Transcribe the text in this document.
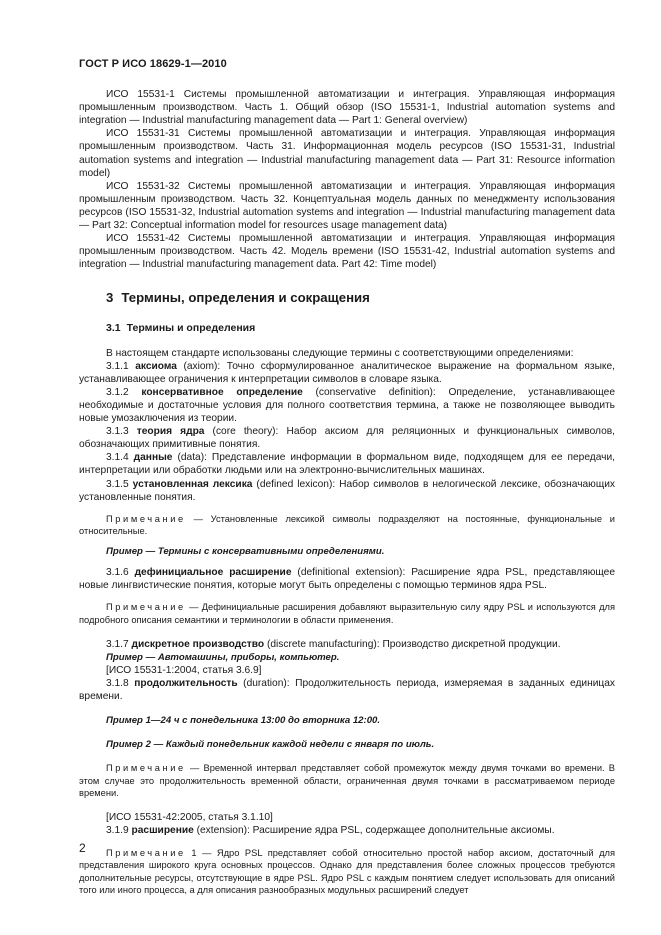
ГОСТ Р ИСО 18629-1—2010

ИСО 15531-1 Системы промышленной автоматизации и интеграция. Управляющая информация промышленным производством. Часть 1. Общий обзор (ISO 15531-1, Industrial automation systems and integration — Industrial manufacturing management data — Part 1: General overview)

ИСО 15531-31 Системы промышленной автоматизации и интеграция. Управляющая информация промышленным производством. Часть 31. Информационная модель ресурсов (ISO 15531-31, Industrial automation systems and integration — Industrial manufacturing management data — Part 31: Resource information model)

ИСО 15531-32 Системы промышленной автоматизации и интеграция. Управляющая информация промышленным производством. Часть 32. Концептуальная модель данных по менеджменту использования ресурсов (ISO 15531-32, Industrial automation systems and integration — Industrial manufacturing management data — Part 32: Conceptual information model for resources usage management data)

ИСО 15531-42 Системы промышленной автоматизации и интеграция. Управляющая информация промышленным производством. Часть 42. Модель времени (ISO 15531-42, Industrial automation systems and integration — Industrial manufacturing management data. Part 42: Time model)

3 Термины, определения и сокращения
3.1 Термины и определения

В настоящем стандарте использованы следующие термины с соответствующими определениями:

3.1.1 аксиома (axiom): Точно сформулированное аналитическое выражение на формальном языке, устанавливающее ограничения к интерпретации символов в словаре языка.

3.1.2 консервативное определение (conservative definition): Определение, устанавливающее необходимые и достаточные условия для полного соответствия термина, а также не позволяющее выводить новые умозаключения из теории.

3.1.3 теория ядра (core theory): Набор аксиом для реляционных и функциональных символов, обозначающих примитивные понятия.

3.1.4 данные (data): Представление информации в формальном виде, подходящем для ее передачи, интерпретации или обработки людьми или на электронно-вычислительных машинах.

3.1.5 установленная лексика (defined lexicon): Набор символов в нелогической лексике, обозначающих установленные понятия.

Примечание — Установленные лексикой символы подразделяют на постоянные, функциональные и относительные.

Пример — Термины с консервативными определениями.

3.1.6 дефинициальное расширение (definitional extension): Расширение ядра PSL, представляющее новые лингвистические понятия, которые могут быть определены с помощью терминов ядра PSL.

Примечание — Дефинициальные расширения добавляют выразительную силу ядру PSL и используются для подробного описания семантики и терминологии в области применения.

3.1.7 дискретное производство (discrete manufacturing): Производство дискретной продукции.

Пример — Автомашины, приборы, компьютер.

[ИСО 15531-1:2004, статья 3.6.9]

3.1.8 продолжительность (duration): Продолжительность периода, измеряемая в заданных единицах времени.

Пример 1—24 ч с понедельника 13:00 до вторника 12:00.

Пример 2 — Каждый понедельник каждой недели с января по июль.

Примечание — Временной интервал представляет собой промежуток между двумя точками во времени. В этом случае это продолжительность временной области, ограниченная двумя точками в рассматриваемом периоде времени.

[ИСО 15531-42:2005, статья 3.1.10]

3.1.9 расширение (extension): Расширение ядра PSL, содержащее дополнительные аксиомы.

Примечание 1 — Ядро PSL представляет собой относительно простой набор аксиом, достаточный для представления широкого круга основных процессов. Однако для представления более сложных процессов требуются дополнительные ресурсы, отсутствующие в ядре PSL. Ядро PSL с каждым понятием следует использовать для описаний того или иного процесса, а для описания разнообразных модульных расширений следует

2
